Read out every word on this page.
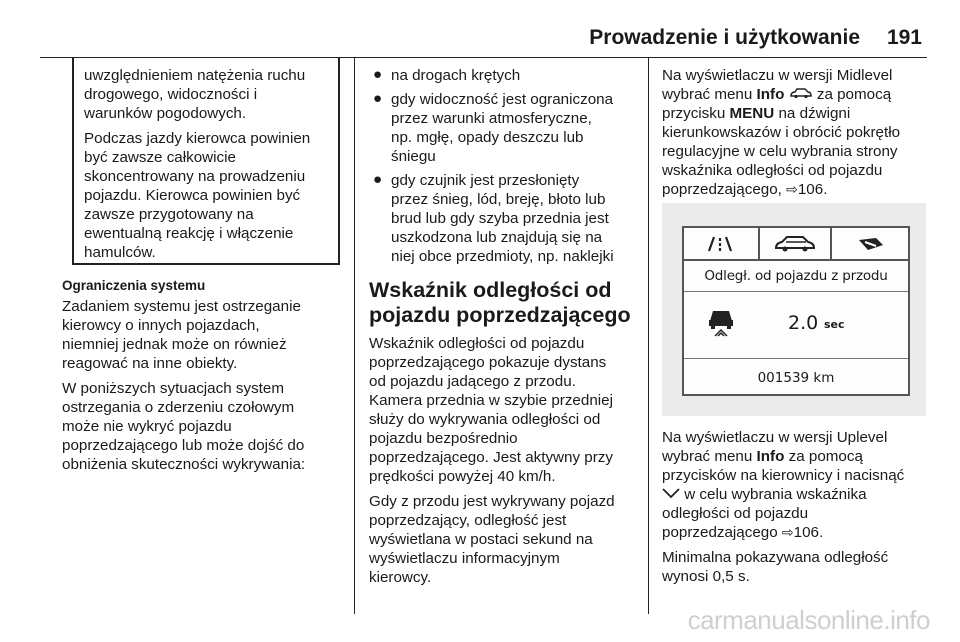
Prowadzenie i użytkowanie 191

uwzględnieniem natężenia ruchu
drogowego, widoczności i
warunków pogodowych.

Podczas jazdy kierowca powinien
być zawsze całkowicie
skoncentrowany na prowadzeniu
pojazdu. Kierowca powinien być
zawsze przygotowany na
ewentualną reakcję i włączenie
hamulców.

Ograniczenia systemu

Zadaniem systemu jest ostrzeganie
kierowcy o innych pojazdach,
niemniej jednak może on również
reagować na inne obiekty.

W poniższych sytuacjach system
ostrzegania o zderzeniu czołowym
może nie wykryć pojazdu
poprzedzającego lub może dojść do
obniżenia skuteczności wykrywania:

● na drogach krętych
● gdy widoczność jest ograniczona
przez warunki atmosferyczne,
np. mgłę, opady deszczu lub
śniegu
● gdy czujnik jest przesłonięty
przez śnieg, lód, breję, błoto lub
brud lub gdy szyba przednia jest
uszkodzona lub znajdują się na
niej obce przedmioty, np. naklejki
Wskaźnik odległości od
pojazdu poprzedzającego

Wskaźnik odległości od pojazdu
poprzedzającego pokazuje dystans
od pojazdu jadącego z przodu.
Kamera przednia w szybie przedniej
służy do wykrywania odległości od
pojazdu bezpośrednio
poprzedzającego. Jest aktywny przy
prędkości powyżej 40 km/h.

Gdy z przodu jest wykrywany pojazd
poprzedzający, odległość jest
wyświetlana w postaci sekund na
wyświetlaczu informacyjnym
kierowcy.

Na wyświetlaczu w wersji Midlevel
wybrać menu Info  za pomocą
przycisku MENU na dźwigni
kierunkowskazów i obrócić pokrętło
regulacyjne w celu wybrania strony
wskaźnika odległości od pojazdu
poprzedzającego, ⇨106.

Odległ. od pojazdu z przodu
2.0 sec
001539 km

Na wyświetlaczu w wersji Uplevel
wybrać menu Info za pomocą
przycisków na kierownicy i nacisnąć
w celu wybrania wskaźnika
odległości od pojazdu
poprzedzającego ⇨106.

Minimalna pokazywana odległość
wynosi 0,5 s.

carmanualsonline.info
